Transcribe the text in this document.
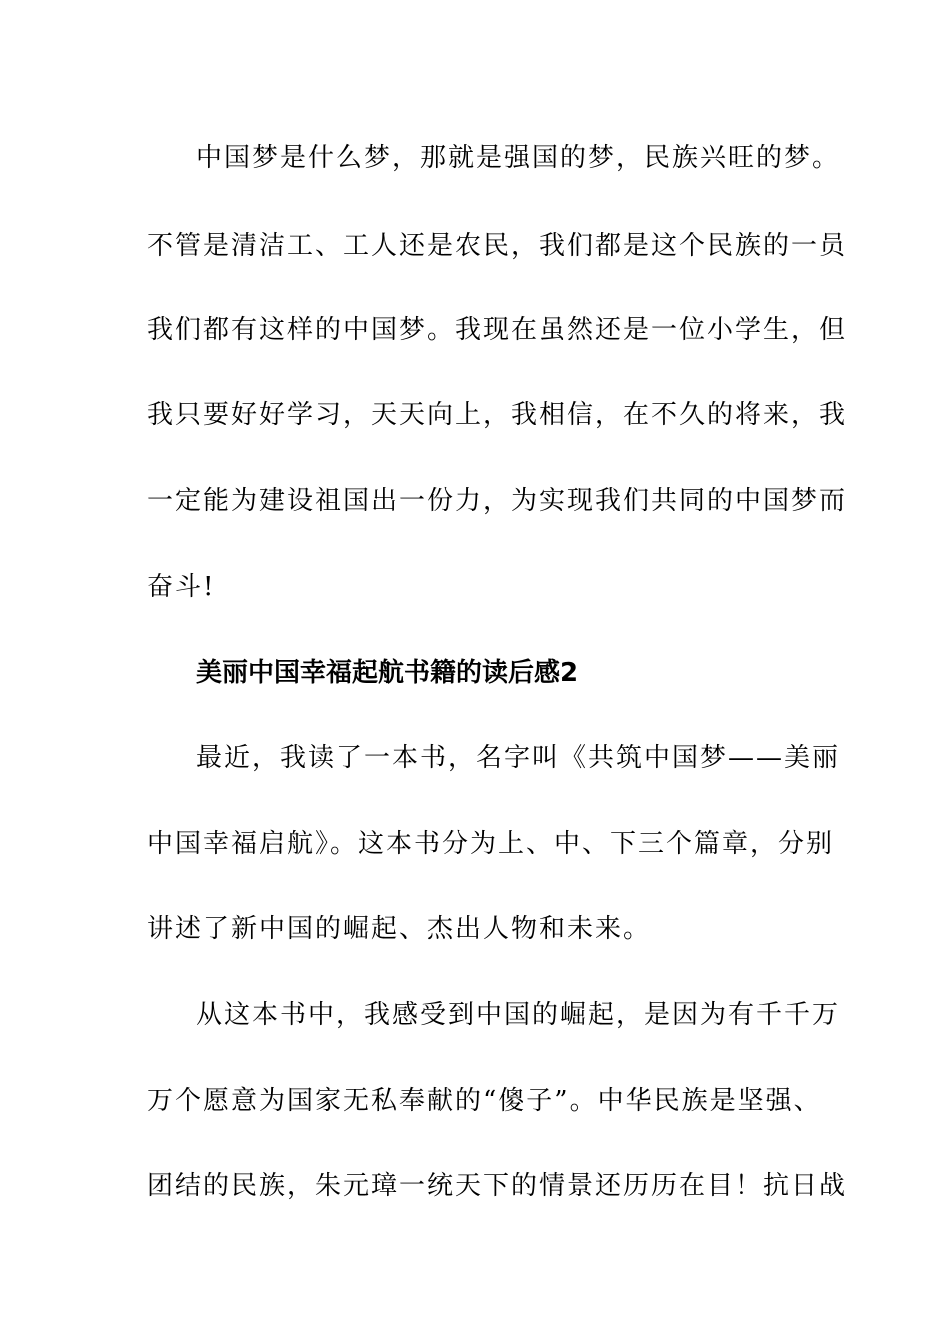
中国梦是什么梦，那就是强国的梦，民族兴旺的梦。
不管是清洁工、工人还是农民，我们都是这个民族的一员
我们都有这样的中国梦。我现在虽然还是一位小学生，但
我只要好好学习，天天向上，我相信，在不久的将来，我
一定能为建设祖国出一份力，为实现我们共同的中国梦而
奋斗!
美丽中国幸福起航书籍的读后感2
最近，我读了一本书，名字叫《共筑中国梦——美丽
中国幸福启航》。这本书分为上、中、下三个篇章，分别
讲述了新中国的崛起、杰出人物和未来。
从这本书中，我感受到中国的崛起，是因为有千千万
万个愿意为国家无私奉献的“傻子”。中华民族是坚强、
团结的民族，朱元璋一统天下的情景还历历在目！抗日战
